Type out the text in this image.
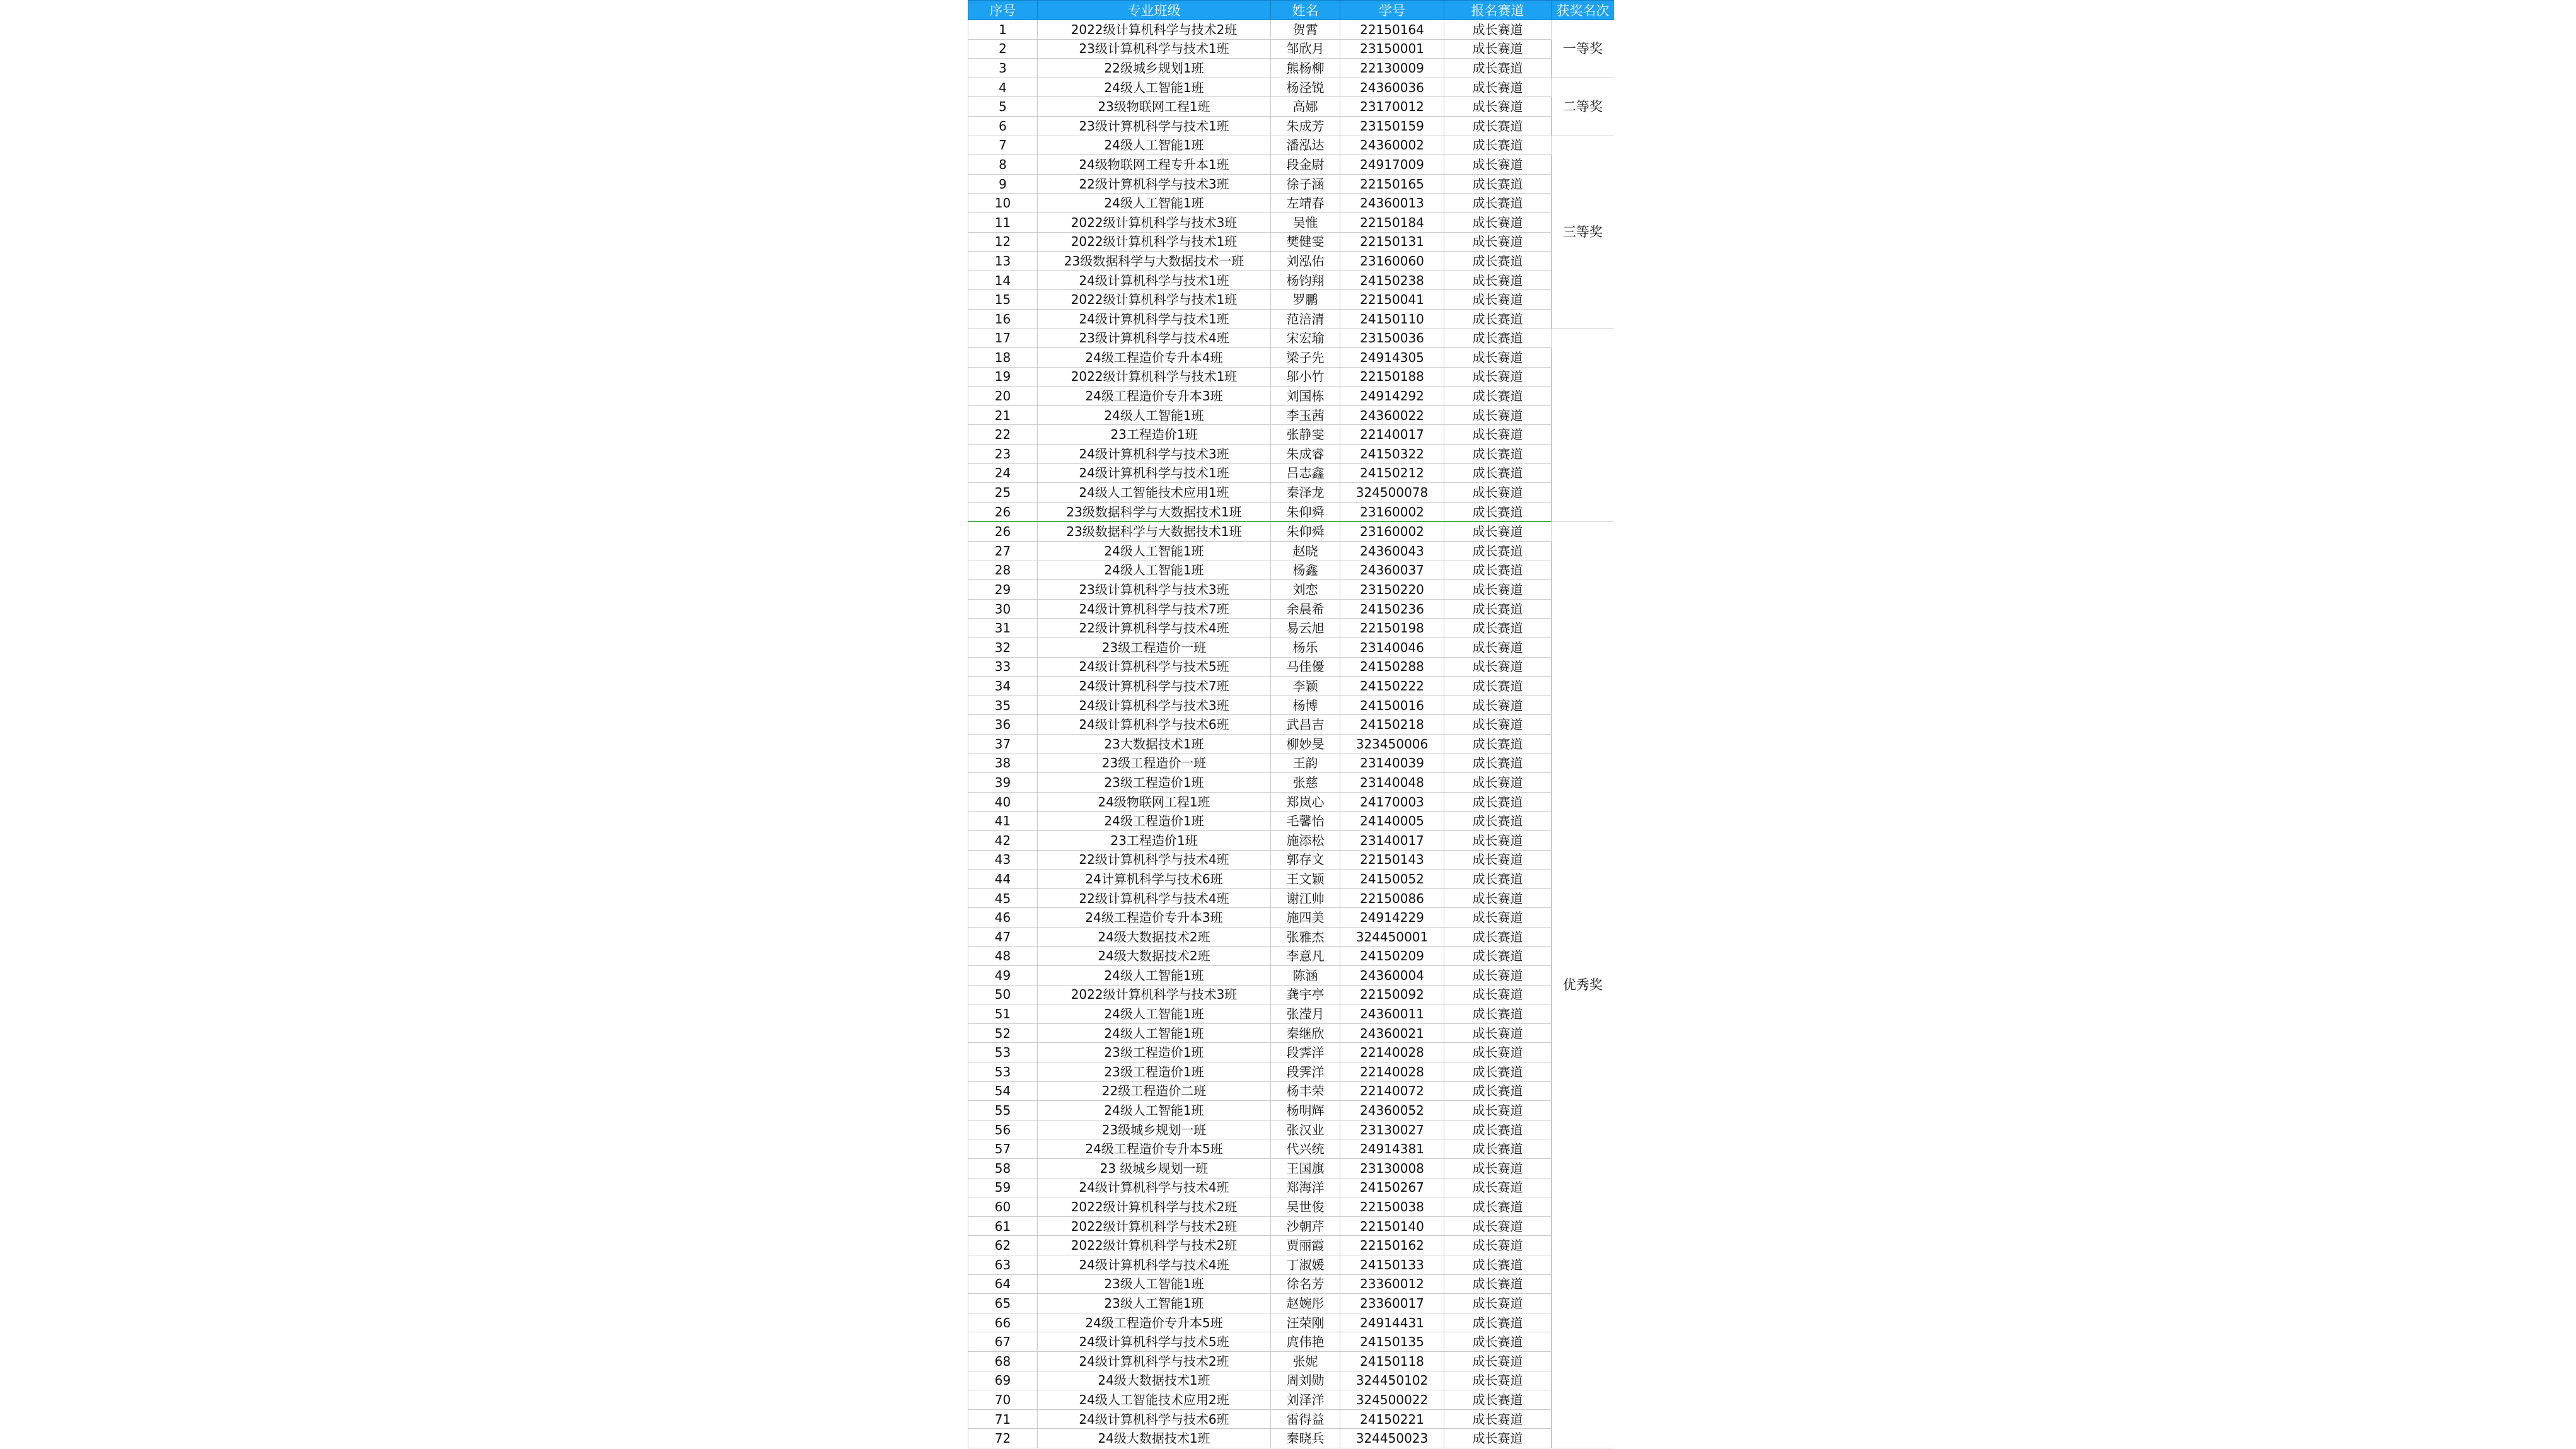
序号	专业班级	姓名	学号	报名赛道	获奖名次
1	2022级计算机科学与技术2班	贺霄	22150164	成长赛道	一等奖
2	23级计算机科学与技术1班	邹欣月	23150001	成长赛道	
3	22级城乡规划1班	熊杨柳	22130009	成长赛道	
4	24级人工智能1班	杨泾锐	24360036	成长赛道	二等奖
5	23级物联网工程1班	高娜	23170012	成长赛道	
6	23级计算机科学与技术1班	朱成芳	23150159	成长赛道	
7	24级人工智能1班	潘泓达	24360002	成长赛道	三等奖
8	24级物联网工程专升本1班	段金尉	24917009	成长赛道	
9	22级计算机科学与技术3班	徐子涵	22150165	成长赛道	
10	24级人工智能1班	左靖春	24360013	成长赛道	
11	2022级计算机科学与技术3班	吴惟	22150184	成长赛道	
12	2022级计算机科学与技术1班	樊健雯	22150131	成长赛道	
13	23级数据科学与大数据技术一班	刘泓佑	23160060	成长赛道	
14	24级计算机科学与技术1班	杨钧翔	24150238	成长赛道	
15	2022级计算机科学与技术1班	罗鹏	22150041	成长赛道	
16	24级计算机科学与技术1班	范涪清	24150110	成长赛道	
17	23级计算机科学与技术4班	宋宏瑜	23150036	成长赛道	
18	24级工程造价专升本4班	梁子先	24914305	成长赛道	
19	2022级计算机科学与技术1班	邬小竹	22150188	成长赛道	
20	24级工程造价专升本3班	刘国栋	24914292	成长赛道	
21	24级人工智能1班	李玉茜	24360022	成长赛道	
22	23工程造价1班	张静雯	22140017	成长赛道	
23	24级计算机科学与技术3班	朱成睿	24150322	成长赛道	
24	24级计算机科学与技术1班	吕志鑫	24150212	成长赛道	
25	24级人工智能技术应用1班	秦泽龙	324500078	成长赛道	
26	23级数据科学与大数据技术1班	朱仰舜	23160002	成长赛道	
26	23级数据科学与大数据技术1班	朱仰舜	23160002	成长赛道	优秀奖
27	24级人工智能1班	赵晓	24360043	成长赛道	
28	24级人工智能1班	杨鑫	24360037	成长赛道	
29	23级计算机科学与技术3班	刘恋	23150220	成长赛道	
30	24级计算机科学与技术7班	余晨希	24150236	成长赛道	
31	22级计算机科学与技术4班	易云旭	22150198	成长赛道	
32	23级工程造价一班	杨乐	23140046	成长赛道	
33	24级计算机科学与技术5班	马佳優	24150288	成长赛道	
34	24级计算机科学与技术7班	李颖	24150222	成长赛道	
35	24级计算机科学与技术3班	杨博	24150016	成长赛道	
36	24级计算机科学与技术6班	武昌吉	24150218	成长赛道	
37	23大数据技术1班	柳妙旻	323450006	成长赛道	
38	23级工程造价一班	王韵	23140039	成长赛道	
39	23级工程造价1班	张慈	23140048	成长赛道	
40	24级物联网工程1班	郑岚心	24170003	成长赛道	
41	24级工程造价1班	毛馨怡	24140005	成长赛道	
42	23工程造价1班	施添松	23140017	成长赛道	
43	22级计算机科学与技术4班	郭存文	22150143	成长赛道	
44	24计算机科学与技术6班	王文颖	24150052	成长赛道	
45	22级计算机科学与技术4班	谢江帅	22150086	成长赛道	
46	24级工程造价专升本3班	施四美	24914229	成长赛道	
47	24级大数据技术2班	张雅杰	324450001	成长赛道	
48	24级大数据技术2班	李意凡	24150209	成长赛道	
49	24级人工智能1班	陈涵	24360004	成长赛道	
50	2022级计算机科学与技术3班	龚宇亭	22150092	成长赛道	
51	24级人工智能1班	张滢月	24360011	成长赛道	
52	24级人工智能1班	秦继欣	24360021	成长赛道	
53	23级工程造价1班	段霁洋	22140028	成长赛道	
53	23级工程造价1班	段霁洋	22140028	成长赛道	
54	22级工程造价二班	杨丰荣	22140072	成长赛道	
55	24级人工智能1班	杨明辉	24360052	成长赛道	
56	23级城乡规划一班	张汉业	23130027	成长赛道	
57	24级工程造价专升本5班	代兴统	24914381	成长赛道	
58	23 级城乡规划一班	王国旗	23130008	成长赛道	
59	24级计算机科学与技术4班	郑海洋	24150267	成长赛道	
60	2022级计算机科学与技术2班	吴世俊	22150038	成长赛道	
61	2022级计算机科学与技术2班	沙朝芹	22150140	成长赛道	
62	2022级计算机科学与技术2班	贾丽霞	22150162	成长赛道	
63	24级计算机科学与技术4班	丁淑媛	24150133	成长赛道	
64	23级人工智能1班	徐名芳	23360012	成长赛道	
65	23级人工智能1班	赵婉彤	23360017	成长赛道	
66	24级工程造价专升本5班	汪荣刚	24914431	成长赛道	
67	24级计算机科学与技术5班	庹伟艳	24150135	成长赛道	
68	24级计算机科学与技术2班	张妮	24150118	成长赛道	
69	24级大数据技术1班	周刘勋	324450102	成长赛道	
70	24级人工智能技术应用2班	刘泽洋	324500022	成长赛道	
71	24级计算机科学与技术6班	雷得益	24150221	成长赛道	
72	24级大数据技术1班	秦晓兵	324450023	成长赛道	
